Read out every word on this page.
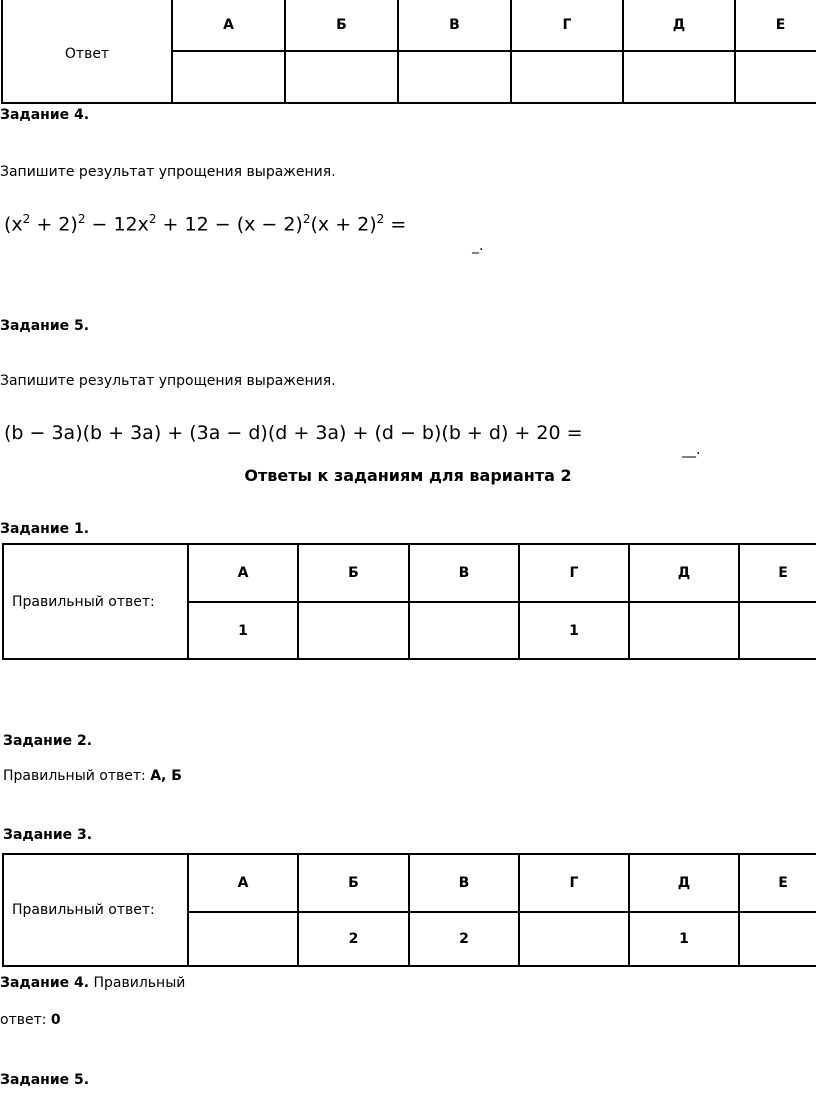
Ответ	А	Б	В	Г	Д	Е

Задание 4.
Запишите результат упрощения выражения.
$(x^2 + 2)^2 - 12x^2 + 12 - (x - 2)^2(x + 2)^2$ =
_.
Задание 5.
Запишите результат упрощения выражения.
(b − 3a)(b + 3a) + (3a − d)(d + 3a) + (d − b)(b + d) + 20 =
__.
Ответы к заданиям для варианта 2
Задание 1.
Правильный ответ:	А	Б	В	Г	Д	Е
	1			1		
Задание 2.
Правильный ответ: А, Б
Задание 3.
Правильный ответ:	А	Б	В	Г	Д	Е
		2	2		1	
Задание 4. Правильный
ответ: 0
Задание 5.
